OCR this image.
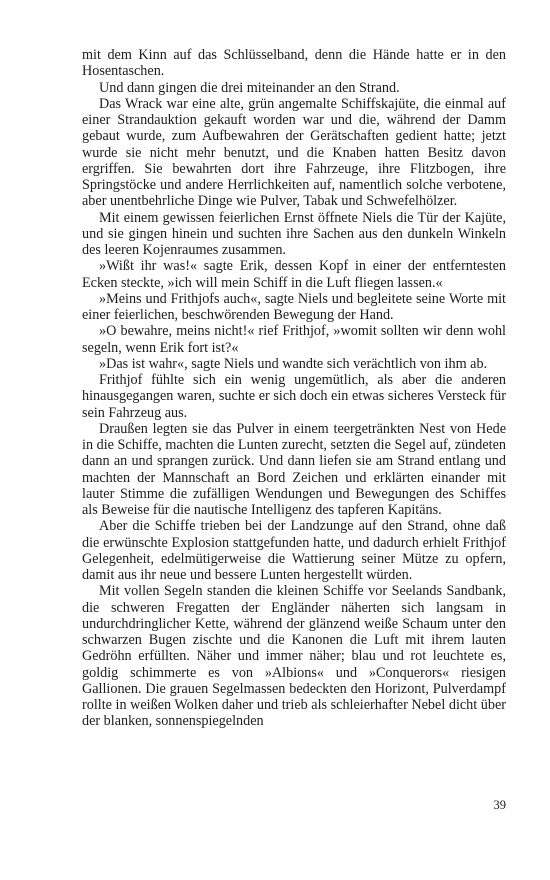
mit dem Kinn auf das Schlüsselband, denn die Hände hatte er in den Hosentaschen.

Und dann gingen die drei miteinander an den Strand.

Das Wrack war eine alte, grün angemalte Schiffskajüte, die einmal auf einer Strandauktion gekauft worden war und die, während der Damm gebaut wurde, zum Aufbewahren der Gerätschaften gedient hatte; jetzt wurde sie nicht mehr benutzt, und die Knaben hatten Besitz davon ergriffen. Sie bewahrten dort ihre Fahrzeuge, ihre Flitzbogen, ihre Springstöcke und andere Herrlichkeiten auf, namentlich solche verbotene, aber unentbehrliche Dinge wie Pulver, Tabak und Schwefelhölzer.

Mit einem gewissen feierlichen Ernst öffnete Niels die Tür der Kajüte, und sie gingen hinein und suchten ihre Sachen aus den dunkeln Winkeln des leeren Kojenraumes zusammen.

»Wißt ihr was!« sagte Erik, dessen Kopf in einer der entferntesten Ecken steckte, »ich will mein Schiff in die Luft fliegen lassen.«

»Meins und Frithjofs auch«, sagte Niels und begleitete seine Worte mit einer feierlichen, beschwörenden Bewegung der Hand.

»O bewahre, meins nicht!« rief Frithjof, »womit sollten wir denn wohl segeln, wenn Erik fort ist?«

»Das ist wahr«, sagte Niels und wandte sich verächtlich von ihm ab.

Frithjof fühlte sich ein wenig ungemütlich, als aber die anderen hinausgegangen waren, suchte er sich doch ein etwas sicheres Versteck für sein Fahrzeug aus.

Draußen legten sie das Pulver in einem teergetränkten Nest von Hede in die Schiffe, machten die Lunten zurecht, setzten die Segel auf, zündeten dann an und sprangen zurück. Und dann liefen sie am Strand entlang und machten der Mannschaft an Bord Zeichen und erklärten einander mit lauter Stimme die zufälligen Wendungen und Bewegungen des Schiffes als Beweise für die nautische Intelligenz des tapferen Kapitäns.

Aber die Schiffe trieben bei der Landzunge auf den Strand, ohne daß die erwünschte Explosion stattgefunden hatte, und dadurch erhielt Frithjof Gelegenheit, edelmütigerweise die Wattierung seiner Mütze zu opfern, damit aus ihr neue und bessere Lunten hergestellt würden.

Mit vollen Segeln standen die kleinen Schiffe vor Seelands Sandbank, die schweren Fregatten der Engländer näherten sich langsam in undurchdringlicher Kette, während der glänzend weiße Schaum unter den schwarzen Bugen zischte und die Kanonen die Luft mit ihrem lauten Gedröhn erfüllten. Näher und immer näher; blau und rot leuchtete es, goldig schimmerte es von »Albions« und »Conquerors« riesigen Gallionen. Die grauen Segelmassen bedeckten den Horizont, Pulverdampf rollte in weißen Wolken daher und trieb als schleierhafter Nebel dicht über der blanken, sonnenspiegelnden

39
